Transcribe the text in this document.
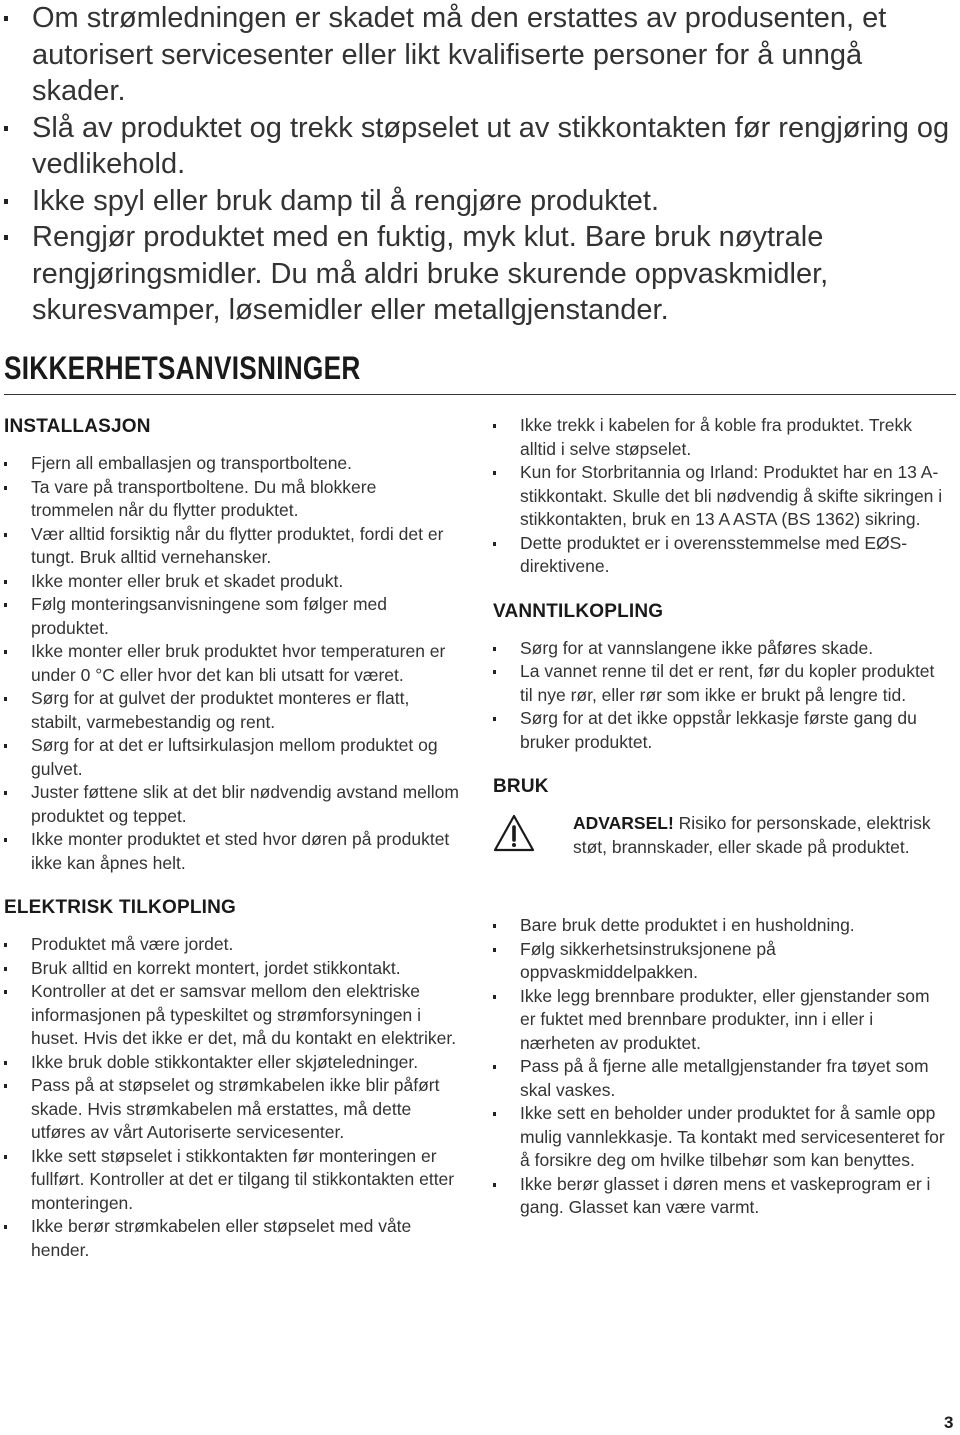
Om strømledningen er skadet må den erstattes av produsenten, et autorisert servicesenter eller likt kvalifiserte personer for å unngå skader.
Slå av produktet og trekk støpselet ut av stikkontakten før rengjøring og vedlikehold.
Ikke spyl eller bruk damp til å rengjøre produktet.
Rengjør produktet med en fuktig, myk klut. Bare bruk nøytrale rengjøringsmidler. Du må aldri bruke skurende oppvaskmidler, skuresvamper, løsemidler eller metallgjenstander.
SIKKERHETSANVISNINGER
INSTALLASJON
Fjern all emballasjen og transportboltene.
Ta vare på transportboltene. Du må blokkere trommelen når du flytter produktet.
Vær alltid forsiktig når du flytter produktet, fordi det er tungt. Bruk alltid vernehansker.
Ikke monter eller bruk et skadet produkt.
Følg monteringsanvisningene som følger med produktet.
Ikke monter eller bruk produktet hvor temperaturen er under 0 °C eller hvor det kan bli utsatt for været.
Sørg for at gulvet der produktet monteres er flatt, stabilt, varmebestandig og rent.
Sørg for at det er luftsirkulasjon mellom produktet og gulvet.
Juster føttene slik at det blir nødvendig avstand mellom produktet og teppet.
Ikke monter produktet et sted hvor døren på produktet ikke kan åpnes helt.
ELEKTRISK TILKOPLING
Produktet må være jordet.
Bruk alltid en korrekt montert, jordet stikkontakt.
Kontroller at det er samsvar mellom den elektriske informasjonen på typeskiltet og strømforsyningen i huset. Hvis det ikke er det, må du kontakt en elektriker.
Ikke bruk doble stikkontakter eller skjøteledninger.
Pass på at støpselet og strømkabelen ikke blir påført skade. Hvis strømkabelen må erstattes, må dette utføres av vårt Autoriserte servicesenter.
Ikke sett støpselet i stikkontakten før monteringen er fullført. Kontroller at det er tilgang til stikkontakten etter monteringen.
Ikke berør strømkabelen eller støpselet med våte hender.
Ikke trekk i kabelen for å koble fra produktet. Trekk alltid i selve støpselet.
Kun for Storbritannia og Irland: Produktet har en 13 A-stikkontakt. Skulle det bli nødvendig å skifte sikringen i stikkontakten, bruk en 13 A ASTA (BS 1362) sikring.
Dette produktet er i overensstemmelse med EØS-direktivene.
VANNTILKOPLING
Sørg for at vannslangene ikke påføres skade.
La vannet renne til det er rent, før du kopler produktet til nye rør, eller rør som ikke er brukt på lengre tid.
Sørg for at det ikke oppstår lekkasje første gang du bruker produktet.
BRUK
ADVARSEL! Risiko for personskade, elektrisk støt, brannskader, eller skade på produktet.
Bare bruk dette produktet i en husholdning.
Følg sikkerhetsinstruksjonene på oppvaskmiddelpakken.
Ikke legg brennbare produkter, eller gjenstander som er fuktet med brennbare produkter, inn i eller i nærheten av produktet.
Pass på å fjerne alle metallgjenstander fra tøyet som skal vaskes.
Ikke sett en beholder under produktet for å samle opp mulig vannlekkasje. Ta kontakt med servicesenteret for å forsikre deg om hvilke tilbehør som kan benyttes.
Ikke berør glasset i døren mens et vaskeprogram er i gang. Glasset kan være varmt.
3
